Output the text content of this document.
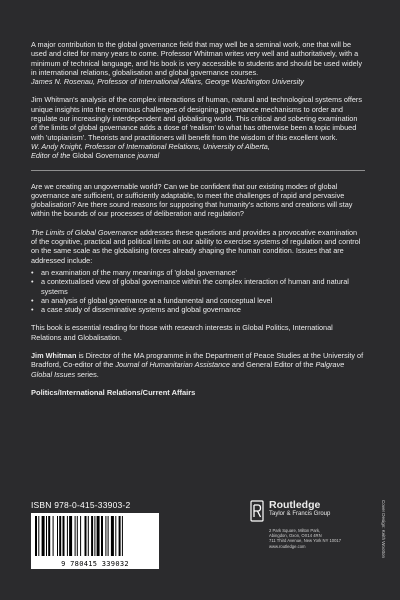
A major contribution to the global governance field that may well be a seminal work, one that will be used and cited for many years to come. Professor Whitman writes very well and authoritatively, with a minimum of technical language, and his book is very accessible to students and should be used widely in international relations, globalisation and global governance courses.
James N. Rosenau, Professor of International Affairs, George Washington University

Jim Whitman's analysis of the complex interactions of human, natural and technological systems offers unique insights into the enormous challenges of designing governance mechanisms to order and regulate our increasingly interdependent and globalising world. This critical and sobering examination of the limits of global governance adds a dose of 'realism' to what has otherwise been a topic imbued with 'utopianism'. Theorists and practitioners will benefit from the wisdom of this excellent work.
W. Andy Knight, Professor of International Relations, University of Alberta,
Editor of the Global Governance journal

Are we creating an ungovernable world? Can we be confident that our existing modes of global governance are sufficient, or sufficiently adaptable, to meet the challenges of rapid and pervasive globalisation? Are there sound reasons for supposing that humanity's actions and creations will stay within the bounds of our processes of deliberation and regulation?

The Limits of Global Governance addresses these questions and provides a provocative examination of the cognitive, practical and political limits on our ability to exercise systems of regulation and control on the same scale as the globalising forces already shaping the human condition. Issues that are addressed include:

• an examination of the many meanings of 'global governance'
• a contextualised view of global governance within the complex interaction of human and natural systems
• an analysis of global governance at a fundamental and conceptual level
• a case study of disseminative systems and global governance

This book is essential reading for those with research interests in Global Politics, International Relations and Globalisation.

Jim Whitman is Director of the MA programme in the Department of Peace Studies at the University of Bradford, Co-editor of the Journal of Humanitarian Assistance and General Editor of the Palgrave Global Issues series.

Politics/International Relations/Current Affairs

ISBN 978-0-415-33903-2
9 780415 339032
Routledge
Taylor & Francis Group
2 Park Square, Milton Park,
Abingdon, Oxon, OX14 4RN
711 Third Avenue, New York NY 10017
www.routledge.com	Cover Design: Keith Wootton
